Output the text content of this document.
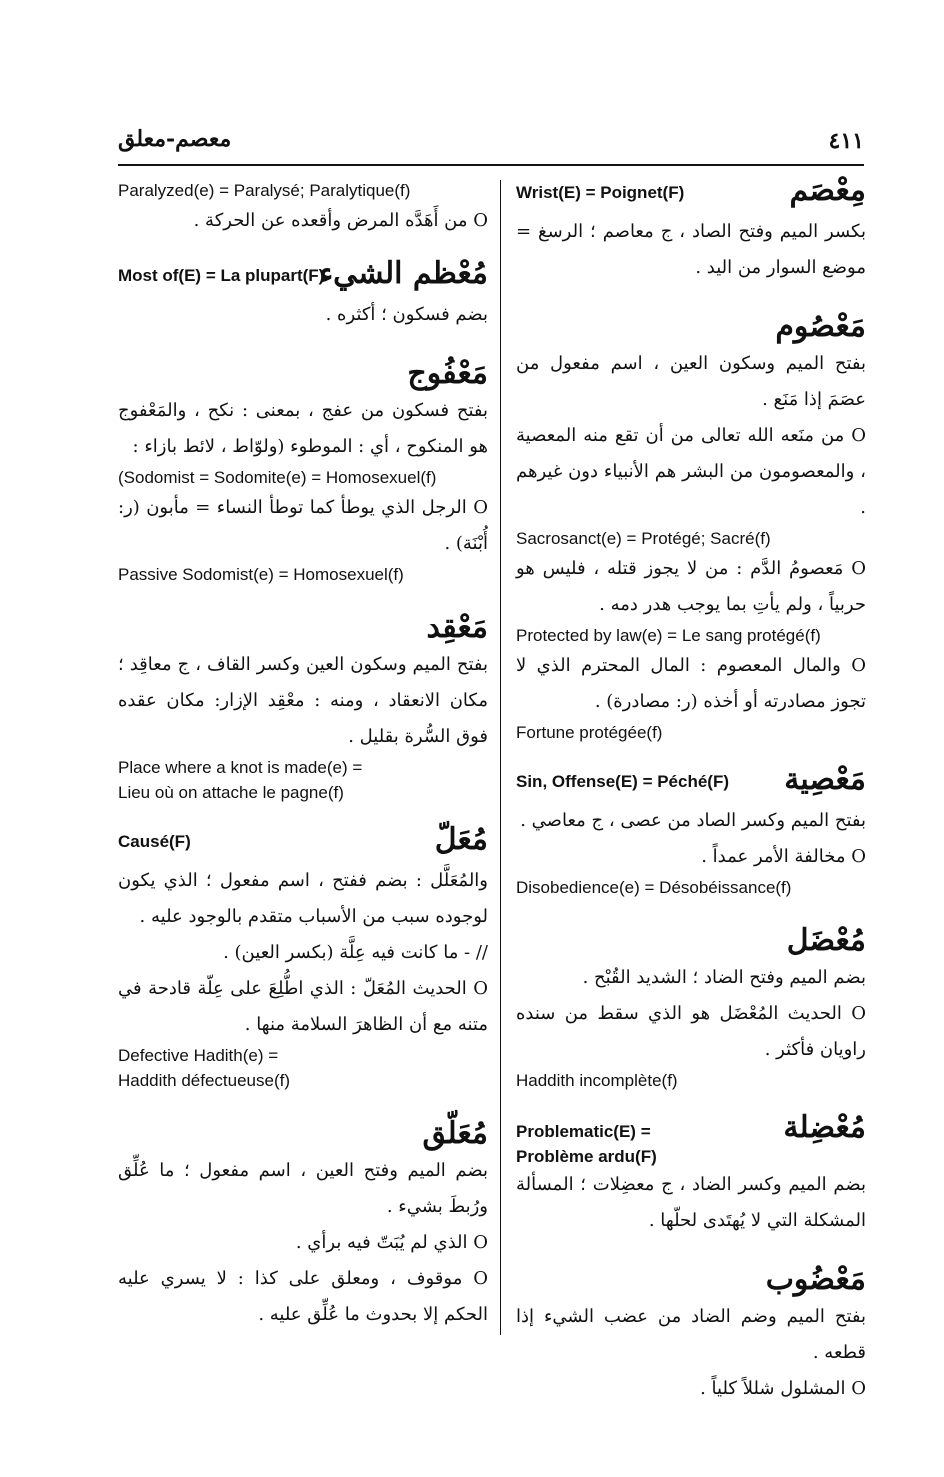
معصم-معلق	٤١١
Paralyzed(e) = Paralysé; Paralytique(f)
O من أَهَدَّه المرض وأقعده عن الحركة .
مُعْظم الشيء
Most of(E) = La plupart(F)
بضم فسكون ؛ أكثره .
مَعْفُوج
بفتح فسكون من عفج ، بمعنى : نكح ، والمَعْفوج هو المنكوح ، أي : الموطوء (ولوّاط ، لائط بازاء :
(Sodomist = Sodomite(e) = Homosexuel(f)
O الرجل الذي يوطأ كما توطأ النساء = مأبون (ر: أُبْنَة) .
Passive Sodomist(e) = Homosexuel(f)
مَعْقِد
بفتح الميم وسكون العين وكسر القاف ، ج معاقِد ؛ مكان الانعقاد ، ومنه : معْقِد الإزار: مكان عقده فوق السُّرة بقليل .
Place where a knot is made(e) =
Lieu où on attache le pagne(f)
مُعَلّ
Causé(F)
والمُعَلَّل : بضم ففتح ، اسم مفعول ؛ الذي يكون لوجوده سبب من الأسباب متقدم بالوجود عليه .
// - ما كانت فيه عِلَّة (بكسر العين) .
O الحديث المُعَلّ : الذي اطُّلِعَ على عِلّة قادحة في متنه مع أن الظاهرَ السلامة منها .
Defective Hadith(e) =
Haddith défectueuse(f)
مُعَلّق
بضم الميم وفتح العين ، اسم مفعول ؛ ما عُلِّق ورُبطَ بشيء .
O الذي لم يُبَتّ فيه برأي .
O موقوف ، ومعلق على كذا : لا يسري عليه الحكم إلا بحدوث ما عُلِّق عليه .
مِعْصَم
Wrist(E) = Poignet(F)
بكسر الميم وفتح الصاد ، ج معاصم ؛ الرسغ = موضع السوار من اليد .
مَعْصُوم
بفتح الميم وسكون العين ، اسم مفعول من عصَمَ إذا مَنَع .
O من منَعه الله تعالى من أن تقع منه المعصية ، والمعصومون من البشر هم الأنبياء دون غيرهم .
Sacrosanct(e) = Protégé; Sacré(f)
O مَعصومُ الدَّم : من لا يجوز قتله ، فليس هو حربياً ، ولم يأتِ بما يوجب هدر دمه .
Protected by law(e) = Le sang protégé(f)
O والمال المعصوم : المال المحترم الذي لا تجوز مصادرته أو أخذه (ر: مصادرة) .
Fortune protégée(f)
مَعْصِية
Sin, Offense(E) = Péché(F)
بفتح الميم وكسر الصاد من عصى ، ج معاصي .
O مخالفة الأمر عمداً .
Disobedience(e) = Désobéissance(f)
مُعْضَل
بضم الميم وفتح الضاد ؛ الشديد القُبْح .
O الحديث المُعْضَل هو الذي سقط من سنده راويان فأكثر .
Haddith incomplète(f)
مُعْضِلة
Problematic(E) =
Problème ardu(F)
بضم الميم وكسر الضاد ، ج معضِلات ؛ المسألة المشكلة التي لا يُهتَدى لحلّها .
مَعْضُوب
بفتح الميم وضم الضاد من عضب الشيء إذا قطعه .
O المشلول شللاً كلياً .
